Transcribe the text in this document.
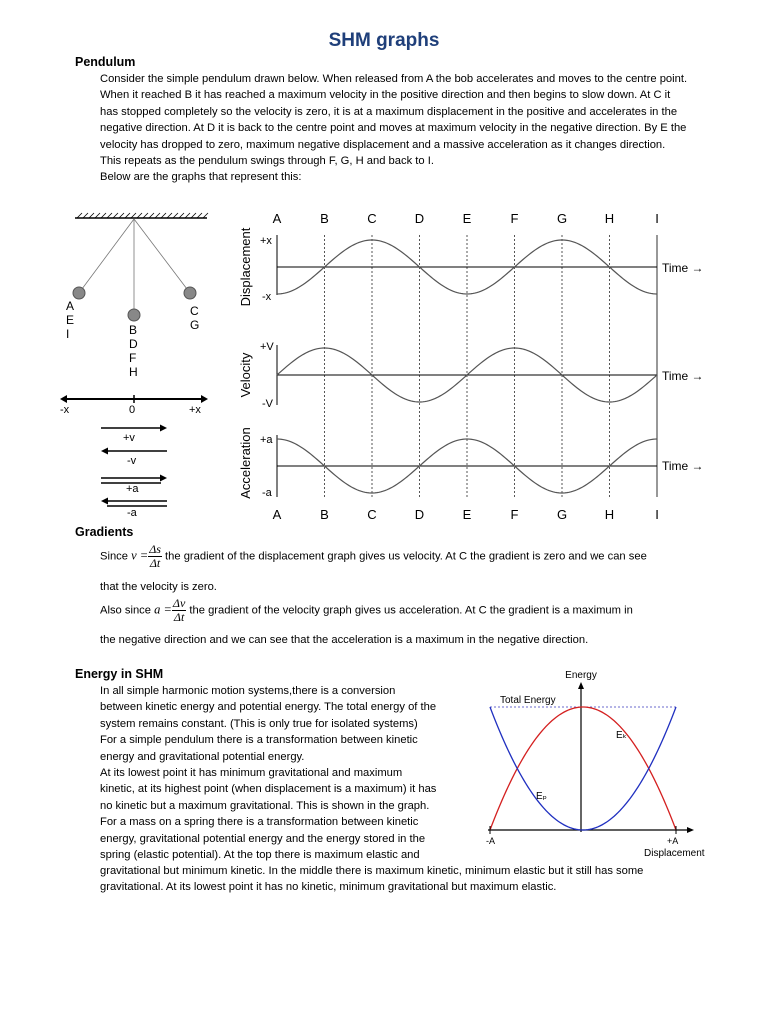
SHM graphs
Pendulum

Consider the simple pendulum drawn below. When released from A the bob accelerates and moves to the centre point. When it reached B it has reached a maximum velocity in the positive direction and then begins to slow down. At C it has stopped completely so the velocity is zero, it is at a maximum displacement in the positive and accelerates in the negative direction. At D it is back to the centre point and moves at maximum velocity in the negative direction. By E the velocity has dropped to zero, maximum negative displacement and a massive acceleration as it changes direction.

This repeats as the pendulum swings through F, G, H and back to I.

Below are the graphs that represent this:

A
E
I	B
D
F
H
C
G
-x	0	+x
+v
-v
+a
-a
A	B	C	D	E	F	G	H	I
A	B	C	D	E	F	G	H	I
Displacement
Velocity
Acceleration
+x
-x
+V
-V
+a
-a
Time →
Time →
Time →
Gradients
Since $v = \frac{\Delta s}{\Delta t}$ the gradient of the displacement graph gives us velocity. At C the gradient is zero and we can see
that the velocity is zero.
Also since $a = \frac{\Delta v}{\Delta t}$ the gradient of the velocity graph gives us acceleration. At C the gradient is a maximum in
the negative direction and we can see that the acceleration is a maximum in the negative direction.
Energy in SHM

In all simple harmonic motion systems,there is a conversion

between kinetic energy and potential energy. The total energy of the

system remains constant. (This is only true for isolated systems)

For a simple pendulum there is a transformation between kinetic

energy and gravitational potential energy.

At its lowest point it has minimum gravitational and maximum

kinetic, at its highest point (when displacement is a maximum) it has

no kinetic but a maximum gravitational. This is shown in the graph.

For a mass on a spring there is a transformation between kinetic

energy, gravitational potential energy and the energy stored in the

spring (elastic potential). At the top there is maximum elastic and

gravitational but minimum kinetic. In the middle there is maximum kinetic, minimum elastic but it still has some

gravitational. At its lowest point it has no kinetic, minimum gravitational but maximum elastic.

Energy
Total Energy
Eₖ
Eₚ
-A	+A
Displacement
